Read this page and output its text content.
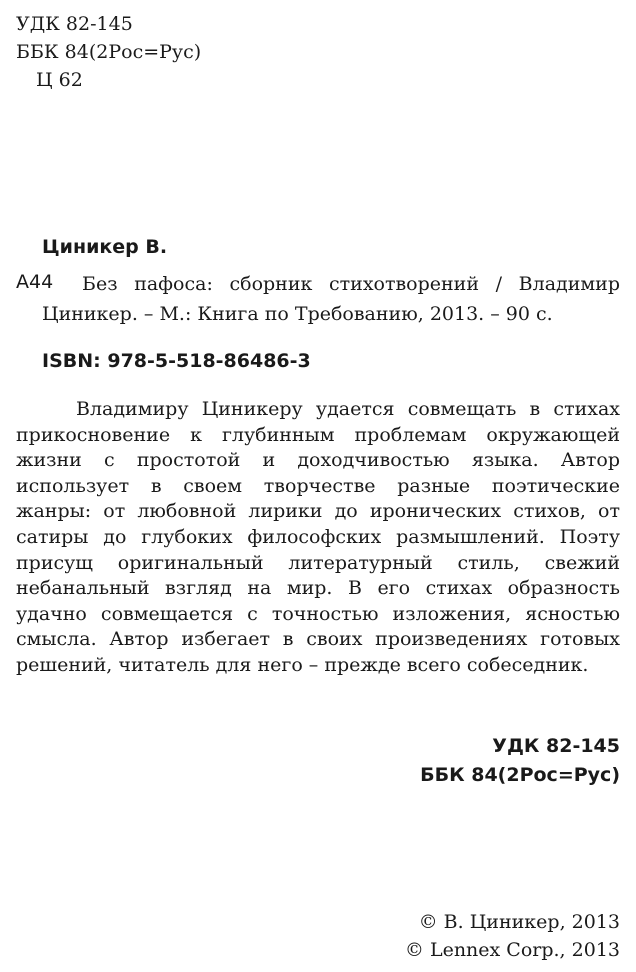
УДК 82-145
ББК 84(2Рос=Рус)
Ц 62
Циникер В.
А44	Без пафоса: сборник стихотворений / Владимир Циникер. – М.: Книга по Требованию, 2013. – 90 с.
ISBN: 978-5-518-86486-3
Владимиру Циникеру удается совмещать в стихах прикосновение к глубинным проблемам окружающей жизни с простотой и доходчивостью языка. Автор использует в своем творчестве разные поэтические жанры: от любовной лирики до иронических стихов, от сатиры до глубоких философских размышлений. Поэту присущ оригинальный литературный стиль, свежий небанальный взгляд на мир. В его стихах образность удачно совмещается с точностью изложения, ясностью смысла. Автор избегает в своих произведениях готовых решений, читатель для него – прежде всего собеседник.
УДК 82-145
ББК 84(2Рос=Рус)
© В. Циникер, 2013
© Lennex Corp., 2013
